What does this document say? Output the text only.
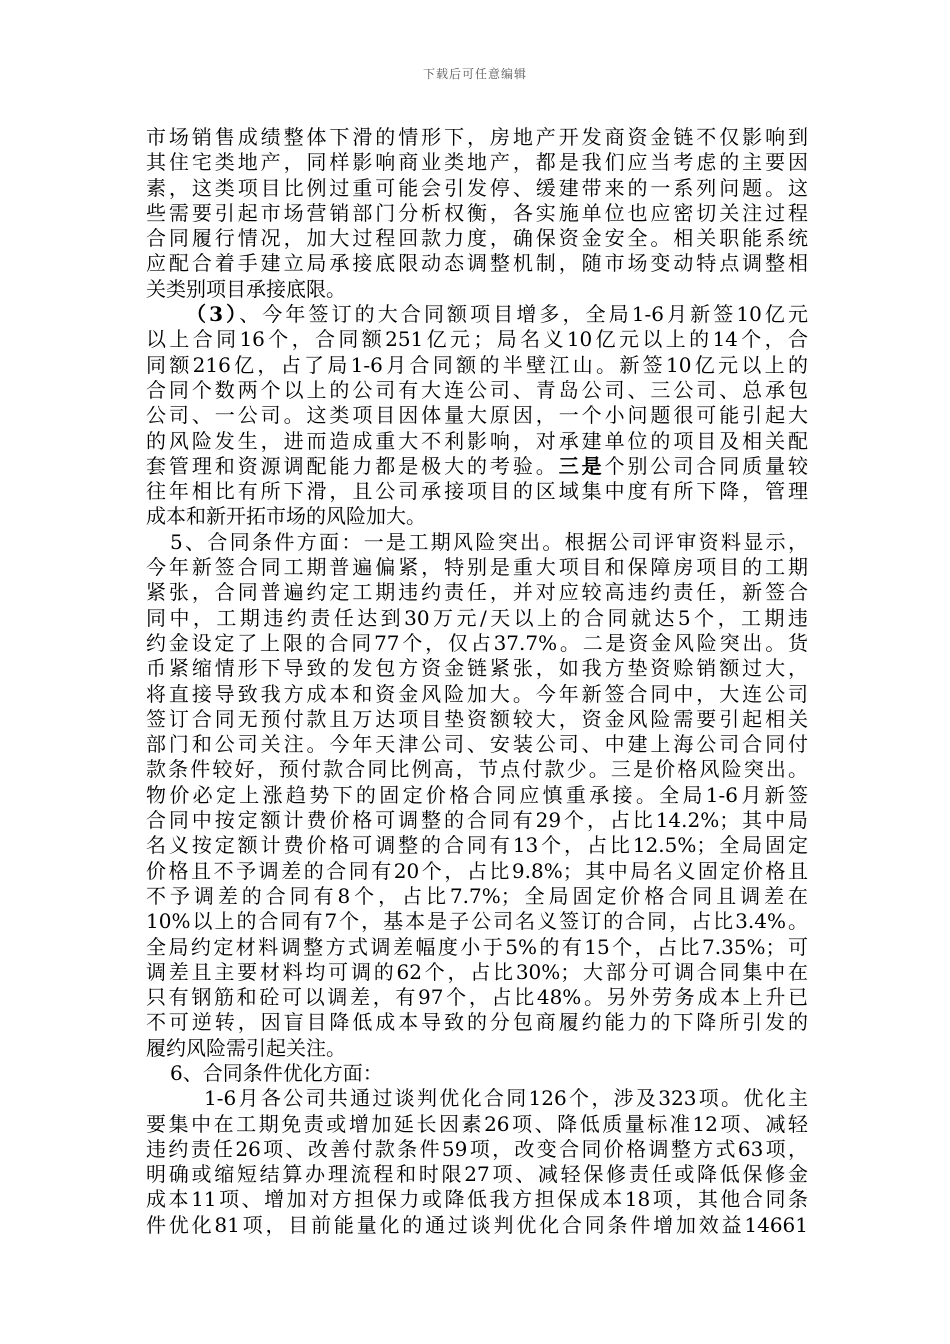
下载后可任意编辑
市场销售成绩整体下滑的情形下，房地产开发商资金链不仅影响到
其住宅类地产，同样影响商业类地产，都是我们应当考虑的主要因
素，这类项目比例过重可能会引发停、缓建带来的一系列问题。这
些需要引起市场营销部门分析权衡，各实施单位也应密切关注过程
合同履行情况，加大过程回款力度，确保资金安全。相关职能系统
应配合着手建立局承接底限动态调整机制，随市场变动特点调整相
关类别项目承接底限。
（3）、今年签订的大合同额项目增多，全局1-6月新签10亿元
以上合同16个，合同额251亿元；局名义10亿元以上的14个，合
同额216亿，占了局1-6月合同额的半壁江山。新签10亿元以上的
合同个数两个以上的公司有大连公司、青岛公司、三公司、总承包
公司、一公司。这类项目因体量大原因，一个小问题很可能引起大
的风险发生，进而造成重大不利影响，对承建单位的项目及相关配
套管理和资源调配能力都是极大的考验。三是个别公司合同质量较
往年相比有所下滑，且公司承接项目的区域集中度有所下降，管理
成本和新开拓市场的风险加大。
5、合同条件方面：一是工期风险突出。根据公司评审资料显示，
今年新签合同工期普遍偏紧，特别是重大项目和保障房项目的工期
紧张，合同普遍约定工期违约责任，并对应较高违约责任，新签合
同中，工期违约责任达到30万元/天以上的合同就达5个，工期违
约金设定了上限的合同77个，仅占37.7%。二是资金风险突出。货
币紧缩情形下导致的发包方资金链紧张，如我方垫资赊销额过大，
将直接导致我方成本和资金风险加大。今年新签合同中，大连公司
签订合同无预付款且万达项目垫资额较大，资金风险需要引起相关
部门和公司关注。今年天津公司、安装公司、中建上海公司合同付
款条件较好，预付款合同比例高，节点付款少。三是价格风险突出。
物价必定上涨趋势下的固定价格合同应慎重承接。全局1-6月新签
合同中按定额计费价格可调整的合同有29个，占比14.2%；其中局
名义按定额计费价格可调整的合同有13个，占比12.5%；全局固定
价格且不予调差的合同有20个，占比9.8%；其中局名义固定价格且
不予调差的合同有8个，占比7.7%；全局固定价格合同且调差在
10%以上的合同有7个，基本是子公司名义签订的合同，占比3.4%。
全局约定材料调整方式调差幅度小于5%的有15个，占比7.35%；可
调差且主要材料均可调的62个，占比30%；大部分可调合同集中在
只有钢筋和砼可以调差，有97个，占比48%。另外劳务成本上升已
不可逆转，因盲目降低成本导致的分包商履约能力的下降所引发的
履约风险需引起关注。
6、合同条件优化方面：
1-6月各公司共通过谈判优化合同126个，涉及323项。优化主
要集中在工期免责或增加延长因素26项、降低质量标准12项、减轻
违约责任26项、改善付款条件59项，改变合同价格调整方式63项，
明确或缩短结算办理流程和时限27项、减轻保修责任或降低保修金
成本11项、增加对方担保力或降低我方担保成本18项，其他合同条
件优化81项，目前能量化的通过谈判优化合同条件增加效益14661
